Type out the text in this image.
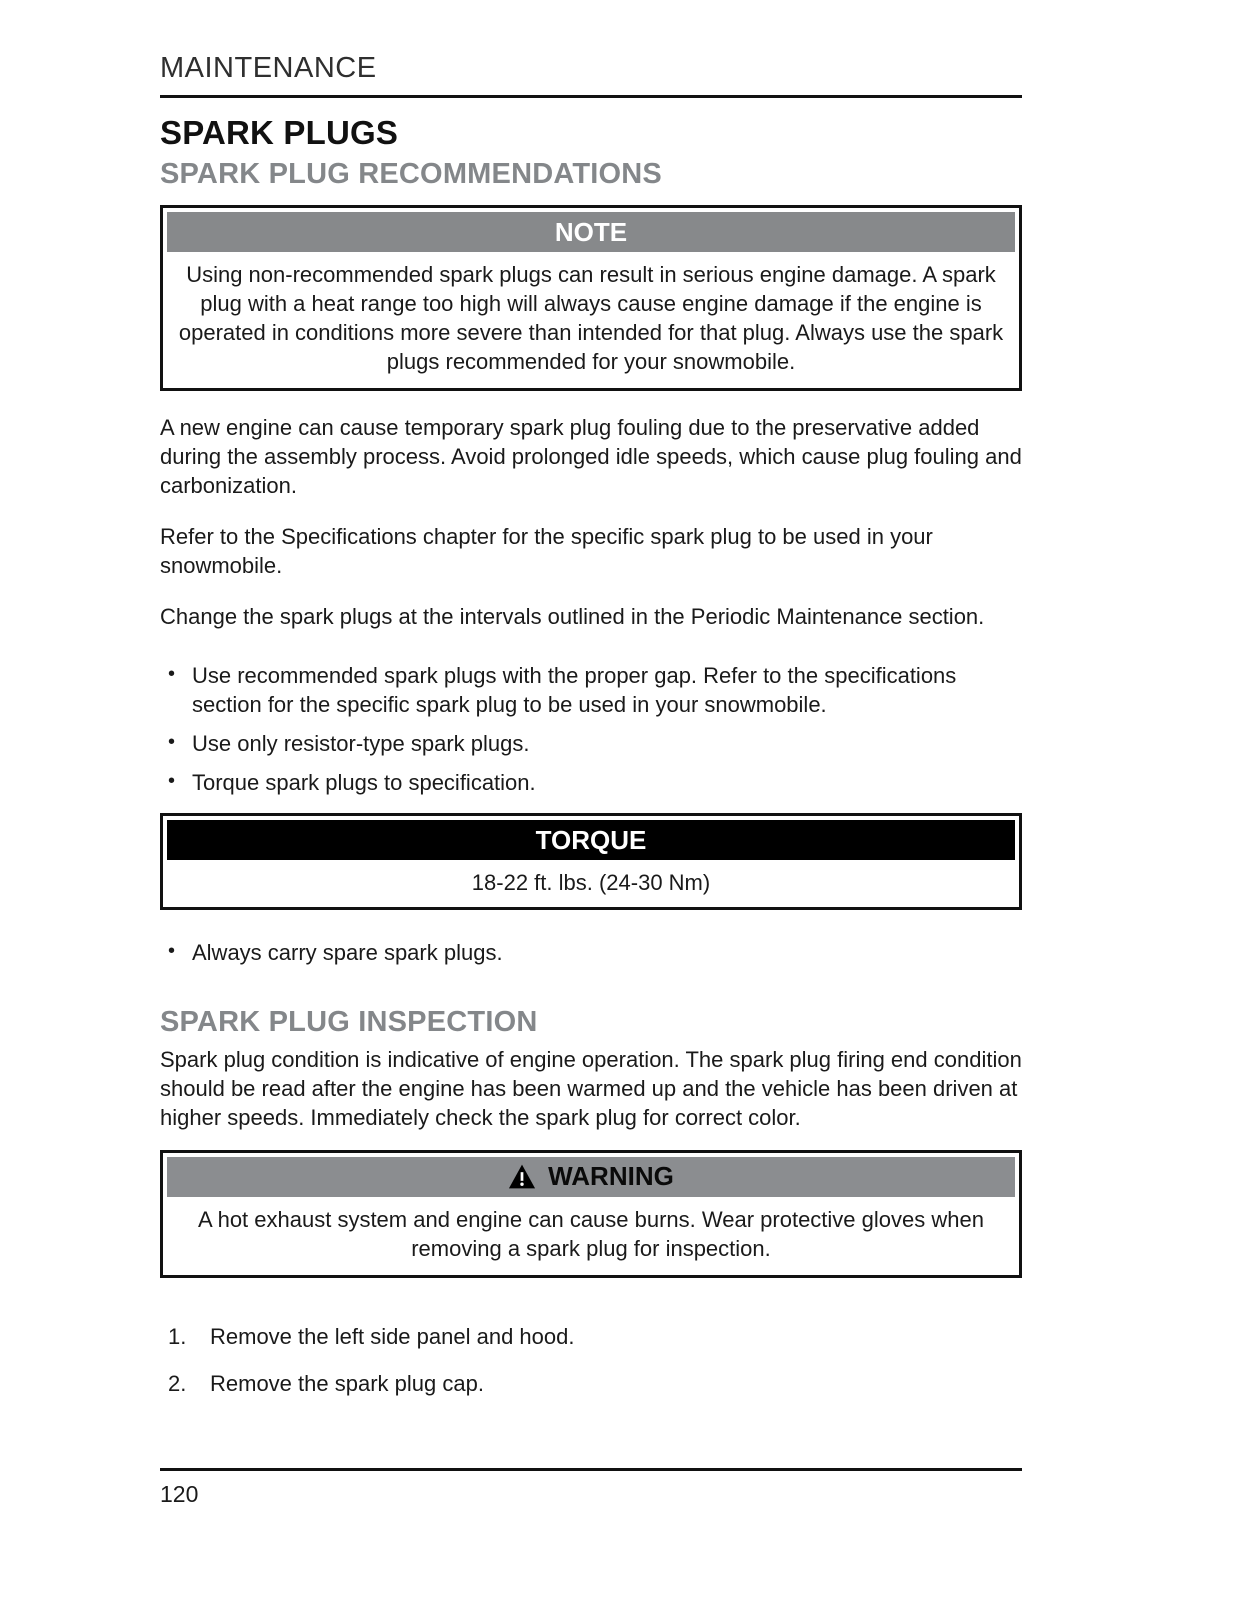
MAINTENANCE
SPARK PLUGS
SPARK PLUG RECOMMENDATIONS
NOTE
Using non-recommended spark plugs can result in serious engine damage. A spark plug with a heat range too high will always cause engine damage if the engine is operated in conditions more severe than intended for that plug. Always use the spark plugs recommended for your snowmobile.

A new engine can cause temporary spark plug fouling due to the preservative added during the assembly process. Avoid prolonged idle speeds, which cause plug fouling and carbonization.

Refer to the Specifications chapter for the specific spark plug to be used in your snowmobile.

Change the spark plugs at the intervals outlined in the Periodic Maintenance section.

• Use recommended spark plugs with the proper gap. Refer to the specifications section for the specific spark plug to be used in your snowmobile.
• Use only resistor-type spark plugs.
• Torque spark plugs to specification.
TORQUE
18-22 ft. lbs. (24-30 Nm)
• Always carry spare spark plugs.
SPARK PLUG INSPECTION

Spark plug condition is indicative of engine operation. The spark plug firing end condition should be read after the engine has been warmed up and the vehicle has been driven at higher speeds. Immediately check the spark plug for correct color.

WARNING
A hot exhaust system and engine can cause burns. Wear protective gloves when removing a spark plug for inspection.
Remove the left side panel and hood.
Remove the spark plug cap.
120
